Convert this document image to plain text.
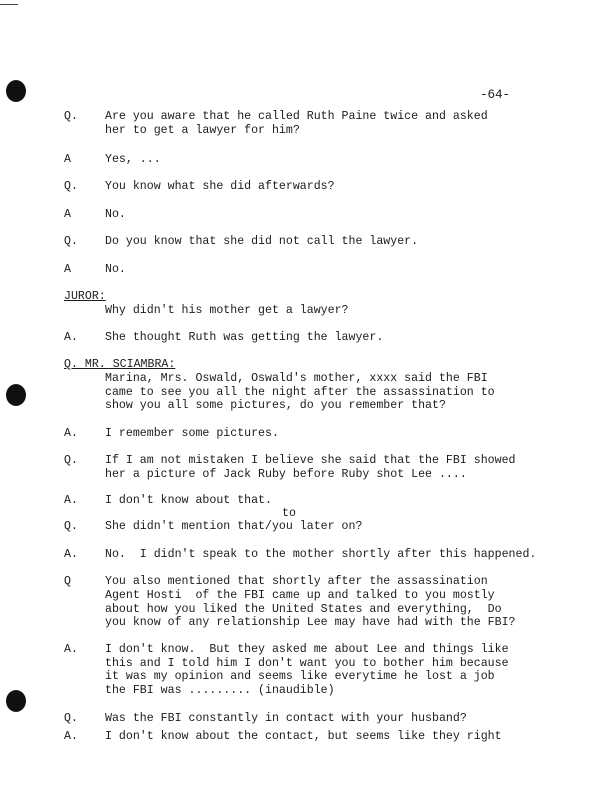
-64-
JUROR:
Q. MR. SCIAMBRA:
Q. Are you aware that he called Ruth Paine twice and asked
her to get a lawyer for him?
A	Yes, ...
Q. You know what she did afterwards?
A	No.
Q. Do you know that she did not call the lawyer.
A	No.
Why didn't his mother get a lawyer?
A. She thought Ruth was getting the lawyer.
Marina, Mrs. Oswald, Oswald's mother, xxxx said the FBI
came to see you all the night after the assassination to
show you all some pictures, do you remember that?
A. I remember some pictures.
Q. If I am not mistaken I believe she said that the FBI showed
her a picture of Jack Ruby before Ruby shot Lee ....
A. I don't know about that.
to
Q. She didn't mention that/you later on?
A. No.  I didn't speak to the mother shortly after this happened.
Q	You also mentioned that shortly after the assassination
Agent Hosti  of the FBI came up and talked to you mostly
about how you liked the United States and everything,  Do
you know of any relationship Lee may have had with the FBI?
A. I don't know.  But they asked me about Lee and things like
this and I told him I don't want you to bother him because
it was my opinion and seems like everytime he lost a job
the FBI was ......... (inaudible)
Q. Was the FBI constantly in contact with your husband?
A. I don't know about the contact, but seems like they right
